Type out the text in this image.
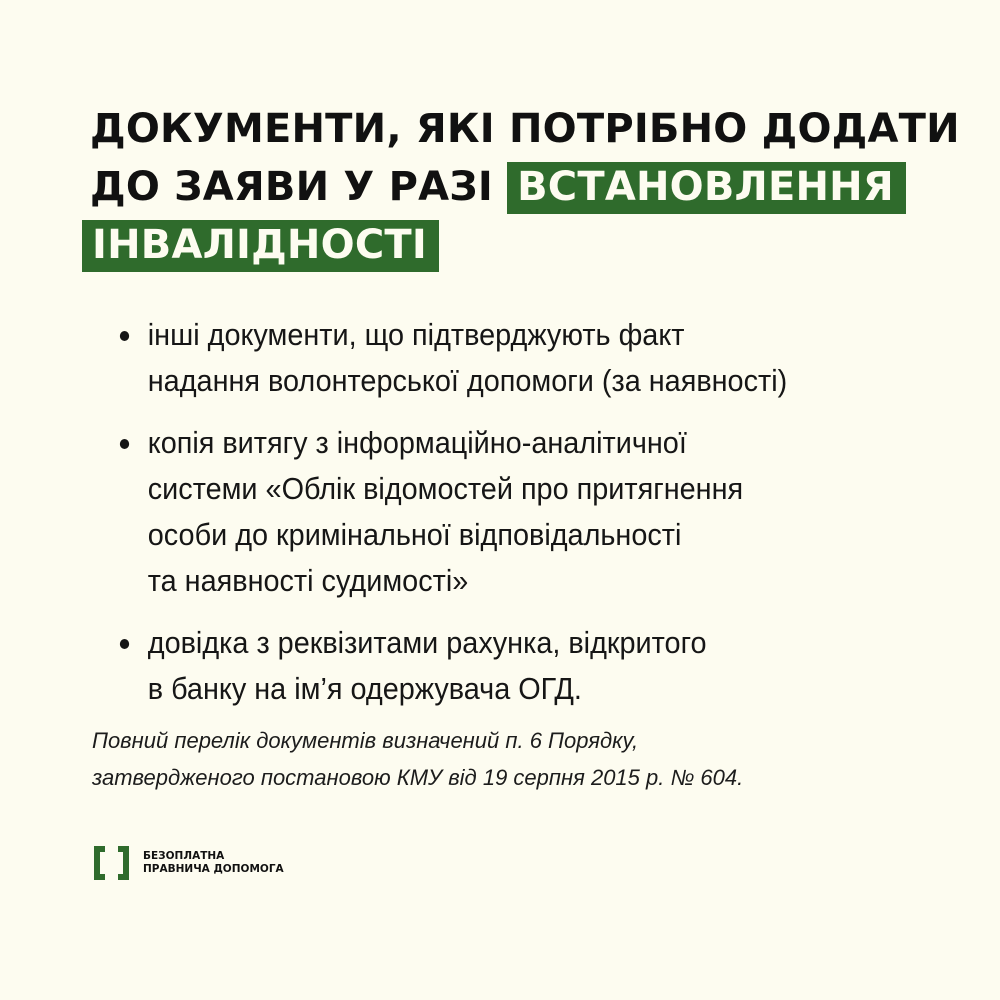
ДОКУМЕНТИ, ЯКІ ПОТРІБНО ДОДАТИ
ДО ЗАЯВИ У РАЗІ ВСТАНОВЛЕННЯ
ІНВАЛІДНОСТІ
інші документи, що підтверджують факт
надання волонтерської допомоги (за наявності)
копія витягу з інформаційно-аналітичної
системи «Облік відомостей про притягнення
особи до кримінальної відповідальності
та наявності судимості»
довідка з реквізитами рахунка, відкритого
в банку на ім’я одержувача ОГД.
Повний перелік документів визначений п. 6 Порядку,
затвердженого постановою КМУ від 19 серпня 2015 р. № 604.
БЕЗОПЛАТНА
ПРАВНИЧА ДОПОМОГА
